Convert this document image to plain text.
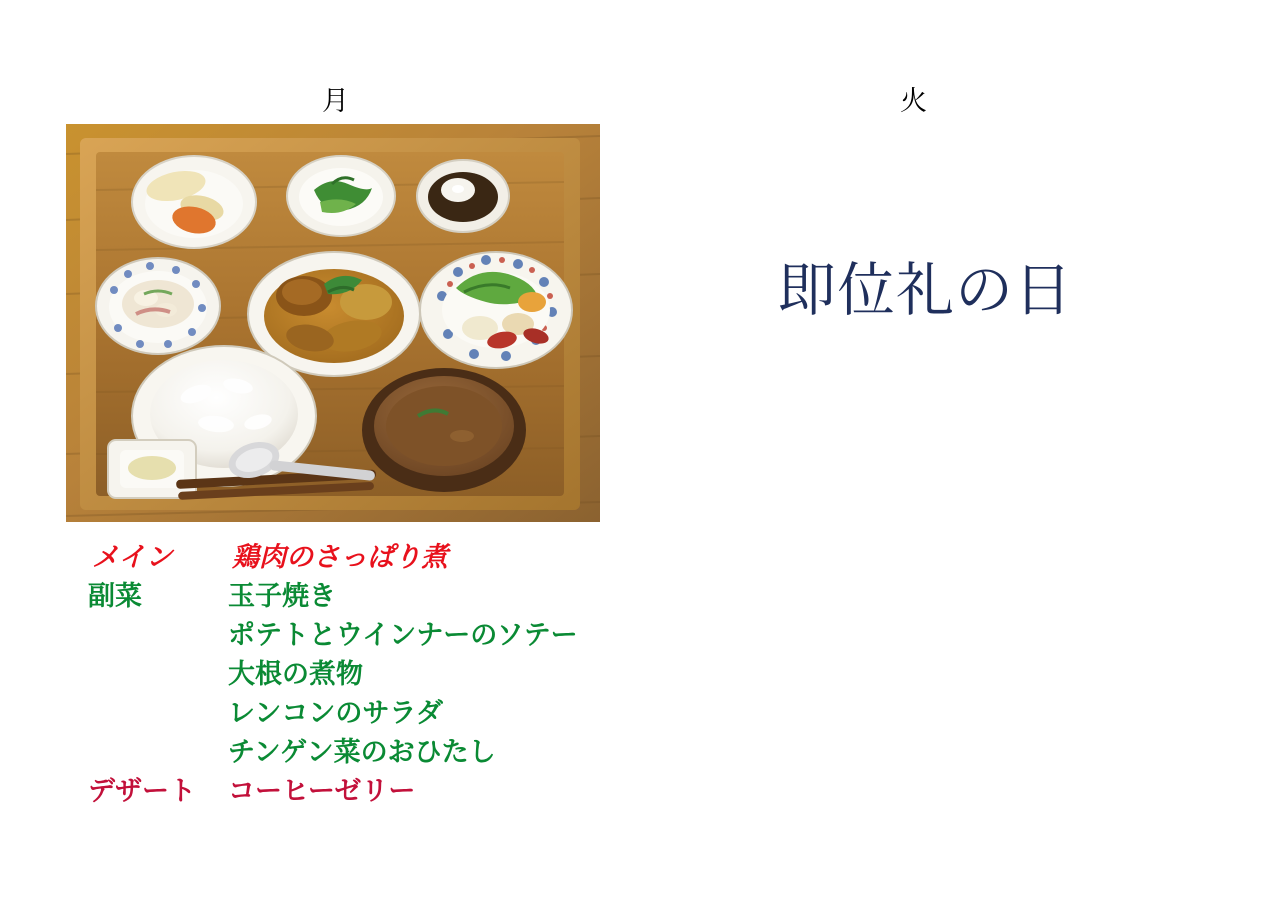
月	火
メイン	鶏肉のさっぱり煮
副菜	玉子焼き
ポテトとウインナーのソテー
大根の煮物
レンコンのサラダ
チンゲン菜のおひたし
デザート	コーヒーゼリー
即位礼の日
